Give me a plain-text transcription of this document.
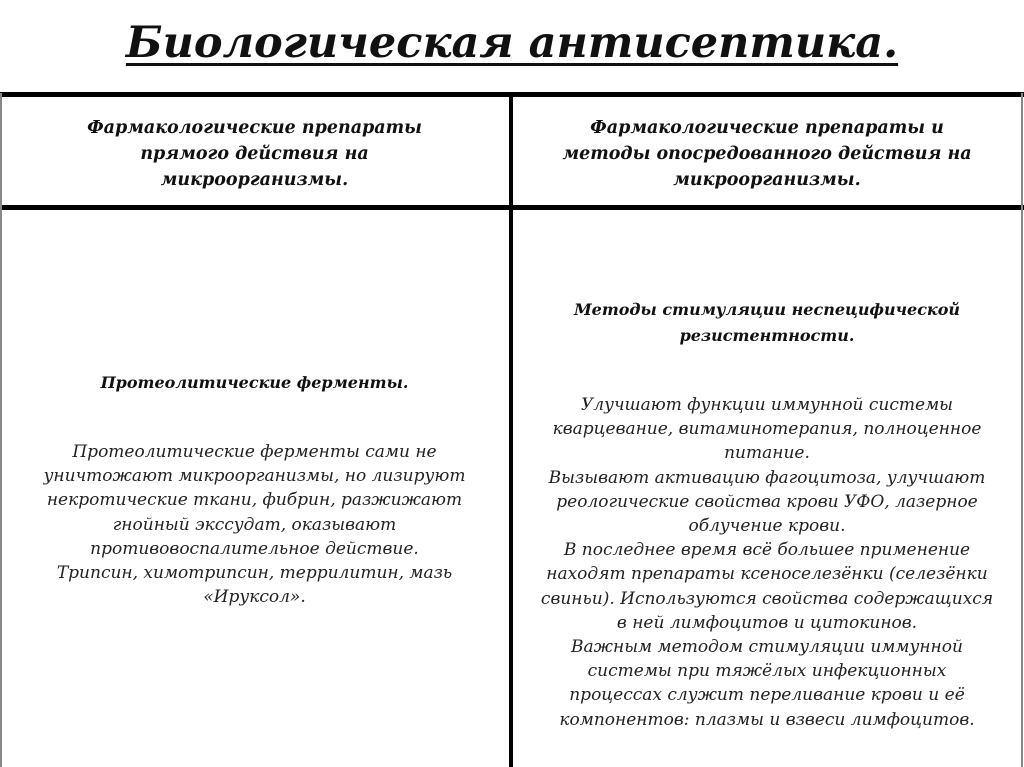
Биологическая антисептика.
Фармакологические препараты
прямого действия на
микроорганизмы.
Фармакологические препараты и
методы опосредованного действия на
микроорганизмы.
Протеолитические ферменты.
Протеолитические ферменты сами не
уничтожают микроорганизмы, но лизируют
некротические ткани, фибрин, разжижают
гнойный экссудат, оказывают
противовоспалительное действие.
Трипсин, химотрипсин, террилитин, мазь
«Ируксол».
Методы стимуляции неспецифической
резистентности.
Улучшают функции иммунной системы
кварцевание, витаминотерапия, полноценное
питание.
Вызывают активацию фагоцитоза, улучшают
реологические свойства крови УФО, лазерное
облучение крови.
В последнее время всё большее применение
находят препараты ксеноселезёнки (селезёнки
свиньи). Используются свойства содержащихся
в ней лимфоцитов и цитокинов.
Важным методом стимуляции иммунной
системы при тяжёлых инфекционных
процессах служит переливание крови и её
компонентов: плазмы и взвеси лимфоцитов.
